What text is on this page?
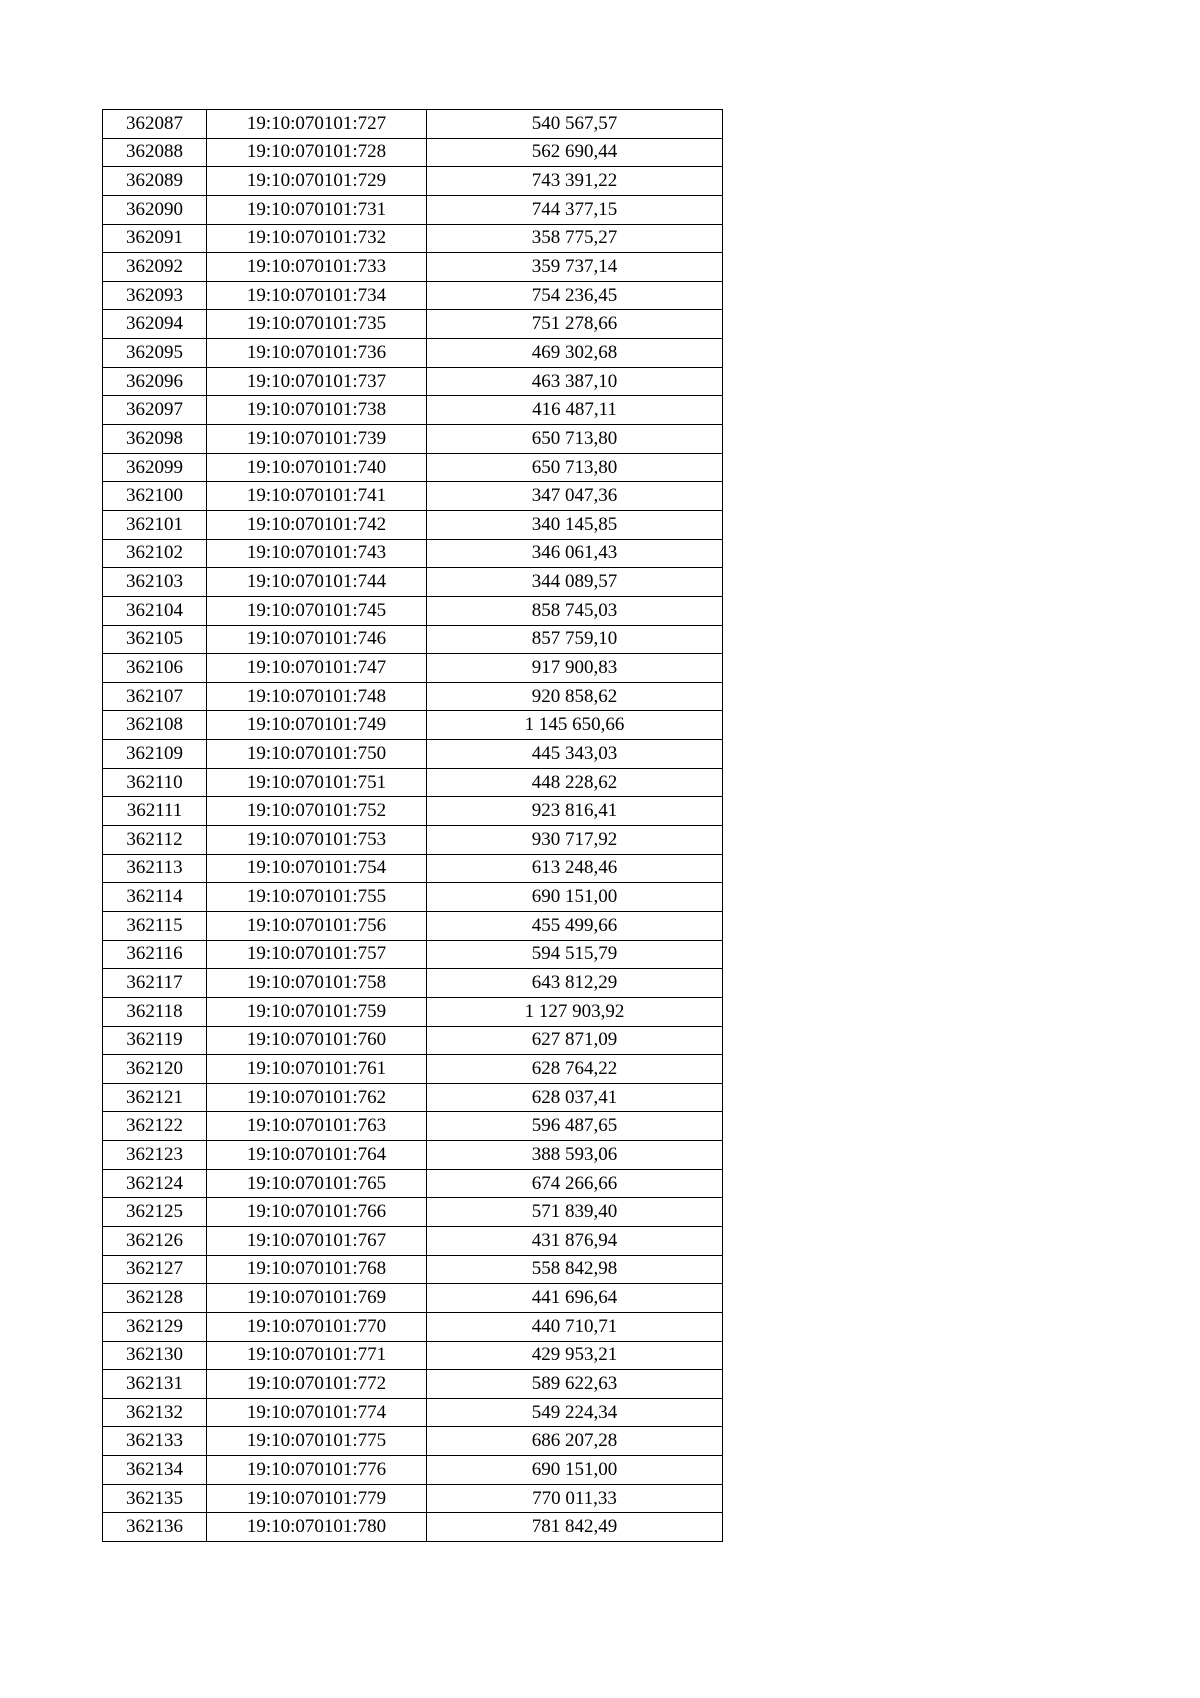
362087	19:10:070101:727	540 567,57
362088	19:10:070101:728	562 690,44
362089	19:10:070101:729	743 391,22
362090	19:10:070101:731	744 377,15
362091	19:10:070101:732	358 775,27
362092	19:10:070101:733	359 737,14
362093	19:10:070101:734	754 236,45
362094	19:10:070101:735	751 278,66
362095	19:10:070101:736	469 302,68
362096	19:10:070101:737	463 387,10
362097	19:10:070101:738	416 487,11
362098	19:10:070101:739	650 713,80
362099	19:10:070101:740	650 713,80
362100	19:10:070101:741	347 047,36
362101	19:10:070101:742	340 145,85
362102	19:10:070101:743	346 061,43
362103	19:10:070101:744	344 089,57
362104	19:10:070101:745	858 745,03
362105	19:10:070101:746	857 759,10
362106	19:10:070101:747	917 900,83
362107	19:10:070101:748	920 858,62
362108	19:10:070101:749	1 145 650,66
362109	19:10:070101:750	445 343,03
362110	19:10:070101:751	448 228,62
362111	19:10:070101:752	923 816,41
362112	19:10:070101:753	930 717,92
362113	19:10:070101:754	613 248,46
362114	19:10:070101:755	690 151,00
362115	19:10:070101:756	455 499,66
362116	19:10:070101:757	594 515,79
362117	19:10:070101:758	643 812,29
362118	19:10:070101:759	1 127 903,92
362119	19:10:070101:760	627 871,09
362120	19:10:070101:761	628 764,22
362121	19:10:070101:762	628 037,41
362122	19:10:070101:763	596 487,65
362123	19:10:070101:764	388 593,06
362124	19:10:070101:765	674 266,66
362125	19:10:070101:766	571 839,40
362126	19:10:070101:767	431 876,94
362127	19:10:070101:768	558 842,98
362128	19:10:070101:769	441 696,64
362129	19:10:070101:770	440 710,71
362130	19:10:070101:771	429 953,21
362131	19:10:070101:772	589 622,63
362132	19:10:070101:774	549 224,34
362133	19:10:070101:775	686 207,28
362134	19:10:070101:776	690 151,00
362135	19:10:070101:779	770 011,33
362136	19:10:070101:780	781 842,49
